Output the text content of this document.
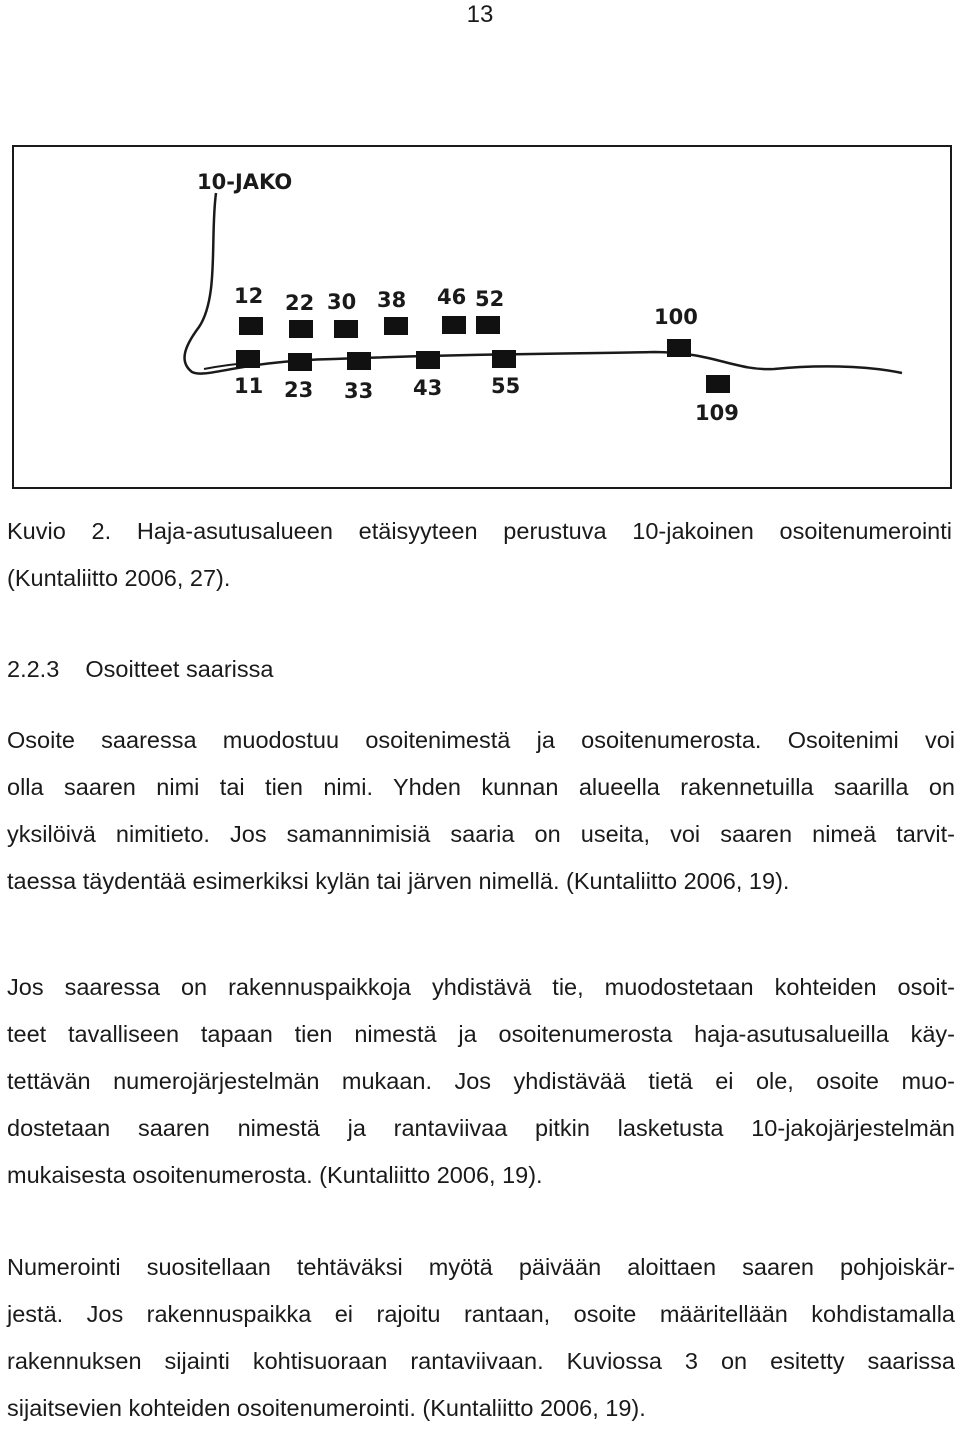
13
10-JAKO
12 22 30 38 46 52
100
11 23 33 43 55
109
Kuvio 2. Haja-asutusalueen etäisyyteen perustuva 10-jakoinen osoitenumerointi
(Kuntaliitto 2006, 27).
2.2.3    Osoitteet saarissa
Osoite saaressa muodostuu osoitenimestä ja osoitenumerosta. Osoitenimi voi
olla saaren nimi tai tien nimi. Yhden kunnan alueella rakennetuilla saarilla on
yksilöivä nimitieto. Jos samannimisiä saaria on useita, voi saaren nimeä tarvit-
taessa täydentää esimerkiksi kylän tai järven nimellä. (Kuntaliitto 2006, 19).
Jos saaressa on rakennuspaikkoja yhdistävä tie, muodostetaan kohteiden osoit-
teet tavalliseen tapaan tien nimestä ja osoitenumerosta haja-asutusalueilla käy-
tettävän numerojärjestelmän mukaan. Jos yhdistävää tietä ei ole, osoite muo-
dostetaan saaren nimestä ja rantaviivaa pitkin lasketusta 10-jakojärjestelmän
mukaisesta osoitenumerosta. (Kuntaliitto 2006, 19).
Numerointi suositellaan tehtäväksi myötä päivään aloittaen saaren pohjoiskär-
jestä. Jos rakennuspaikka ei rajoitu rantaan, osoite määritellään kohdistamalla
rakennuksen sijainti kohtisuoraan rantaviivaan. Kuviossa 3 on esitetty saarissa
sijaitsevien kohteiden osoitenumerointi. (Kuntaliitto 2006, 19).
